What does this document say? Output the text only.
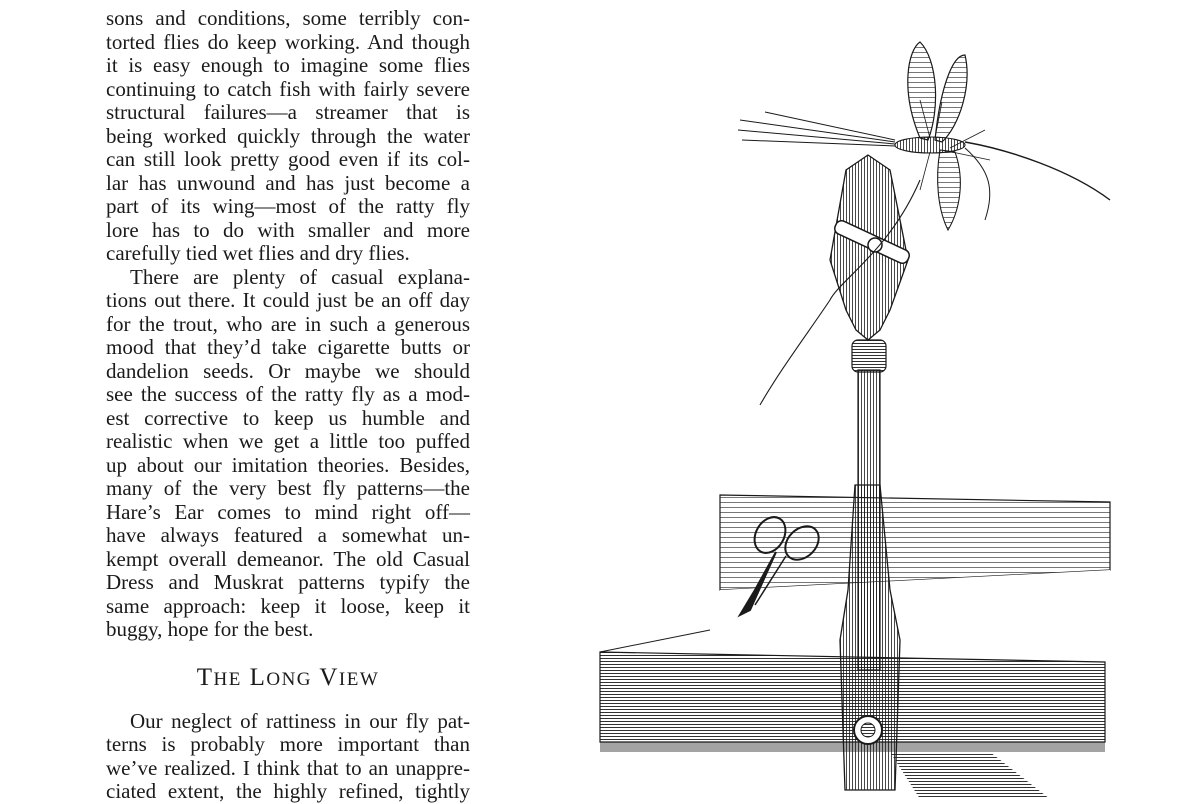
sons and conditions, some terribly con-
torted flies do keep working. And though
it is easy enough to imagine some flies
continuing to catch fish with fairly severe
structural failures—a streamer that is
being worked quickly through the water
can still look pretty good even if its col-
lar has unwound and has just become a
part of its wing—most of the ratty fly
lore has to do with smaller and more
carefully tied wet flies and dry flies.
There are plenty of casual explana-
tions out there. It could just be an off day
for the trout, who are in such a generous
mood that they’d take cigarette butts or
dandelion seeds. Or maybe we should
see the success of the ratty fly as a mod-
est corrective to keep us humble and
realistic when we get a little too puffed
up about our imitation theories. Besides,
many of the very best fly patterns—the
Hare’s Ear comes to mind right off—
have always featured a somewhat un-
kempt overall demeanor. The old Casual
Dress and Muskrat patterns typify the
same approach: keep it loose, keep it
buggy, hope for the best.
THE LONG VIEW
Our neglect of rattiness in our fly pat-
terns is probably more important than
we’ve realized. I think that to an unappre-
ciated extent, the highly refined, tightly
